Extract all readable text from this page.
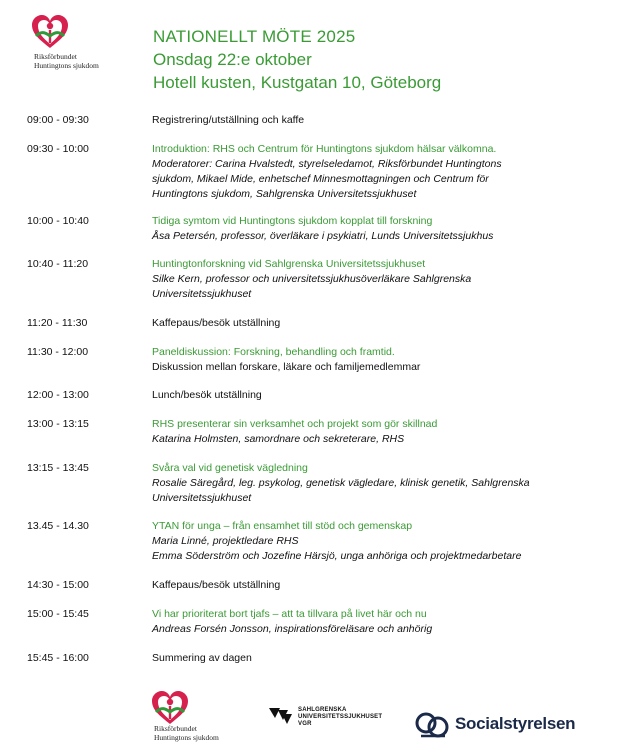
Riksförbundet
Huntingtons sjukdom
NATIONELLT MÖTE 2025
Onsdag 22:e oktober
Hotell kusten, Kustgatan 10, Göteborg
09:00 - 09:30	Registrering/utställning och kaffe
09:30 - 10:00	Introduktion: RHS och Centrum för Huntingtons sjukdom hälsar välkomna.
Moderatorer: Carina Hvalstedt, styrelseledamot, Riksförbundet Huntingtons
sjukdom, Mikael Mide, enhetschef Minnesmottagningen och Centrum för
Huntingtons sjukdom, Sahlgrenska Universitetssjukhuset
10:00 - 10:40	Tidiga symtom vid Huntingtons sjukdom kopplat till forskning
Åsa Petersén, professor, överläkare i psykiatri, Lunds Universitetssjukhus
10:40 - 11:20	Huntingtonforskning vid Sahlgrenska Universitetssjukhuset
Silke Kern, professor och universitetssjukhusöverläkare Sahlgrenska
Universitetssjukhuset
11:20 - 11:30	Kaffepaus/besök utställning
11:30 - 12:00	Paneldiskussion: Forskning, behandling och framtid.
Diskussion mellan forskare, läkare och familjemedlemmar
12:00 - 13:00	Lunch/besök utställning
13:00 - 13:15	RHS presenterar sin verksamhet och projekt som gör skillnad
Katarina Holmsten, samordnare och sekreterare, RHS
13:15 - 13:45	Svåra val vid genetisk vägledning
Rosalie Säregård, leg. psykolog, genetisk vägledare, klinisk genetik, Sahlgrenska
Universitetssjukhuset
13.45 - 14.30	YTAN för unga – från ensamhet till stöd och gemenskap
Maria Linné, projektledare RHS
Emma Söderström och Jozefine Härsjö, unga anhöriga och projektmedarbetare
14:30 - 15:00	Kaffepaus/besök utställning
15:00 - 15:45	Vi har prioriterat bort tjafs – att ta tillvara på livet här och nu
Andreas Forsén Jonsson, inspirationsföreläsare och anhörig
15:45 - 16:00	Summering av dagen
Riksförbundet
Huntingtons sjukdom
SAHLGRENSKA
UNIVERSITETSSJUKHUSET
VGR	Socialstyrelsen
